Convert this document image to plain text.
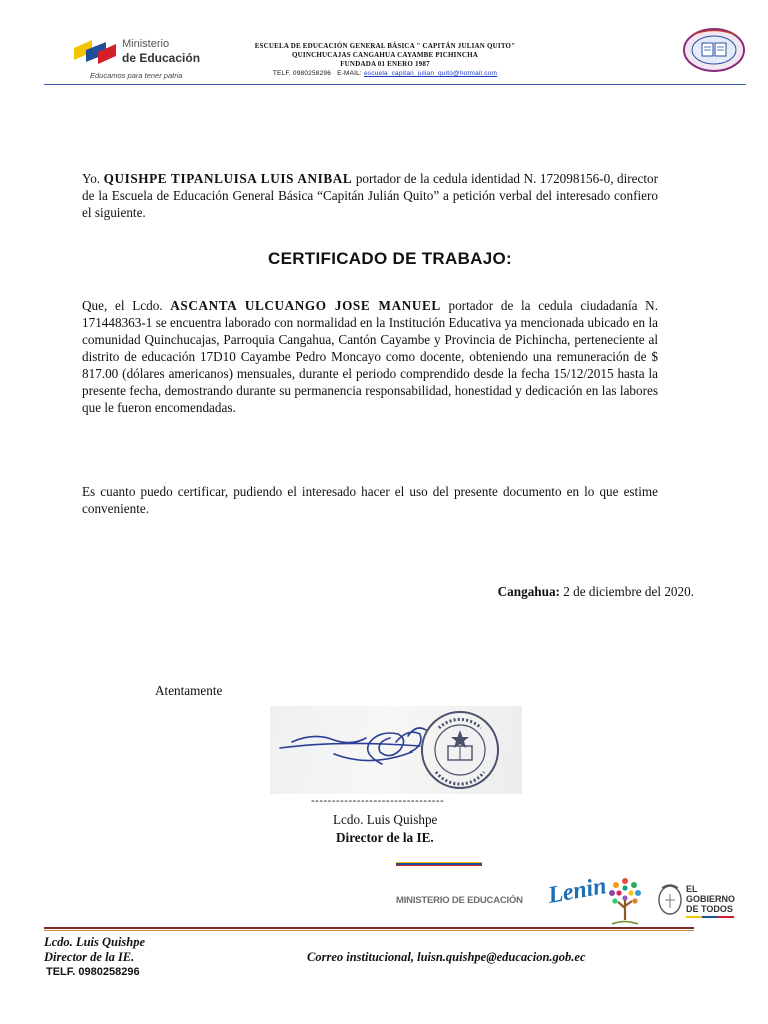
Ministerio
de Educación
Educamos para tener patria
ESCUELA DE EDUCACIÓN GENERAL BÁSICA " CAPITÁN JULIAN QUITO"
QUINCHUCAJAS CANGAHUA CAYAMBE PICHINCHA
FUNDADA 01 ENERO 1987
TELF. 0980258296 E-MAIL: escuela_capitan_julian_quito@hotmail.com
Yo. QUISHPE TIPANLUISA LUIS ANIBAL portador de la cedula identidad N. 172098156-0, director de la Escuela de Educación General Básica “Capitán Julián Quito” a petición verbal del interesado confiero el siguiente.
CERTIFICADO DE TRABAJO:
Que, el Lcdo. ASCANTA ULCUANGO JOSE MANUEL portador de la cedula ciudadanía N. 171448363-1 se encuentra laborado con normalidad en la Institución Educativa ya mencionada ubicado en la comunidad Quinchucajas, Parroquia Cangahua, Cantón Cayambe y Provincia de Pichincha, perteneciente al distrito de educación 17D10 Cayambe Pedro Moncayo como docente, obteniendo una remuneración de $ 817.00 (dólares americanos) mensuales, durante el periodo comprendido desde la fecha 15/12/2015 hasta la presente fecha, demostrando durante su permanencia responsabilidad, honestidad y dedicación en las labores que le fueron encomendadas.
Es cuanto puedo certificar, pudiendo el interesado hacer el uso del presente documento en lo que estime conveniente.
Cangahua: 2 de diciembre del 2020.
Atentamente
--------------------------------
Lcdo. Luis Quishpe
Director de la IE.
MINISTERIO DE EDUCACIÓN Lenin	EL
GOBIERNO
DE TODOS
Lcdo. Luis Quishpe
Director de la IE.
TELF. 0980258296
Correo institucional, luisn.quishpe@educacion.gob.ec
